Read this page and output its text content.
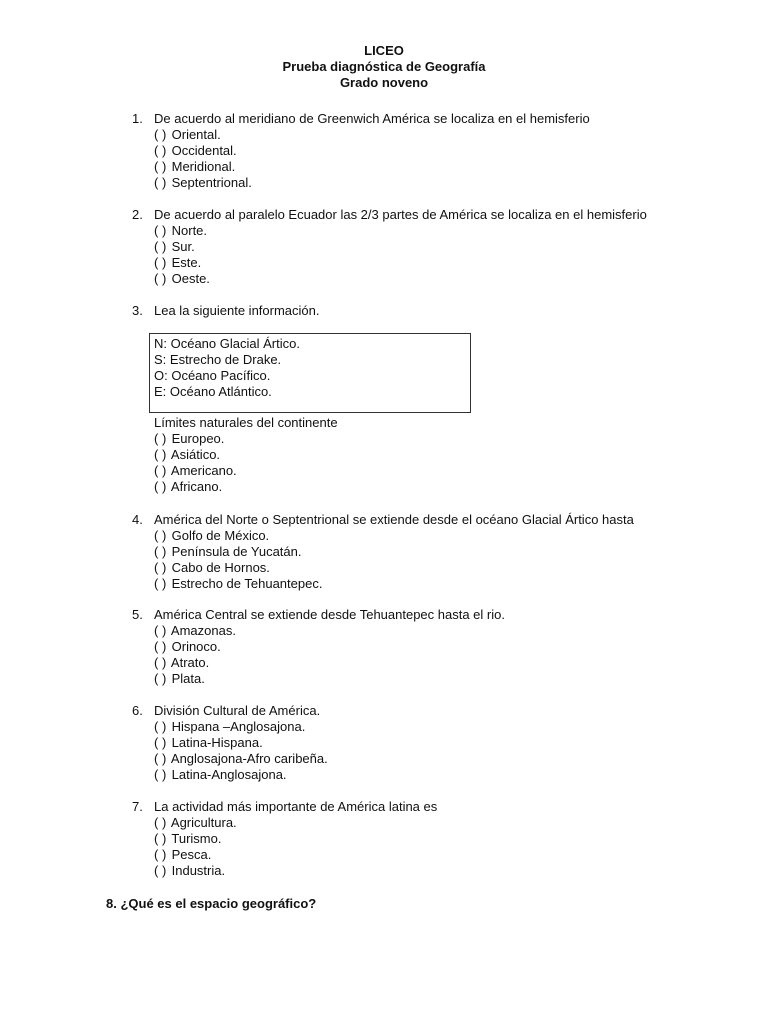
LICEO
Prueba diagnóstica de Geografía
Grado noveno
1. De acuerdo al meridiano de Greenwich América se localiza en el hemisferio
( ) Oriental.
( ) Occidental.
( ) Meridional.
( ) Septentrional.
2. De acuerdo al paralelo Ecuador las 2/3 partes de América se localiza en el hemisferio
( ) Norte.
( ) Sur.
( ) Este.
( ) Oeste.
3. Lea la siguiente información.
N: Océano Glacial Ártico.
S: Estrecho de Drake.
O: Océano Pacífico.
E: Océano Atlántico.
Límites naturales del continente
( ) Europeo.
( ) Asiático.
( ) Americano.
( ) Africano.
4. América del Norte o Septentrional se extiende desde el océano Glacial Ártico hasta
( ) Golfo de México.
( ) Península de Yucatán.
( ) Cabo de Hornos.
( ) Estrecho de Tehuantepec.
5. América Central se extiende desde Tehuantepec hasta el rio.
( ) Amazonas.
( ) Orinoco.
( ) Atrato.
( ) Plata.
6. División Cultural de América.
( ) Hispana –Anglosajona.
( ) Latina-Hispana.
( ) Anglosajona-Afro caribeña.
( ) Latina-Anglosajona.
7. La actividad más importante de América latina es
( ) Agricultura.
( ) Turismo.
( ) Pesca.
( ) Industria.
8. ¿Qué es el espacio geográfico?
